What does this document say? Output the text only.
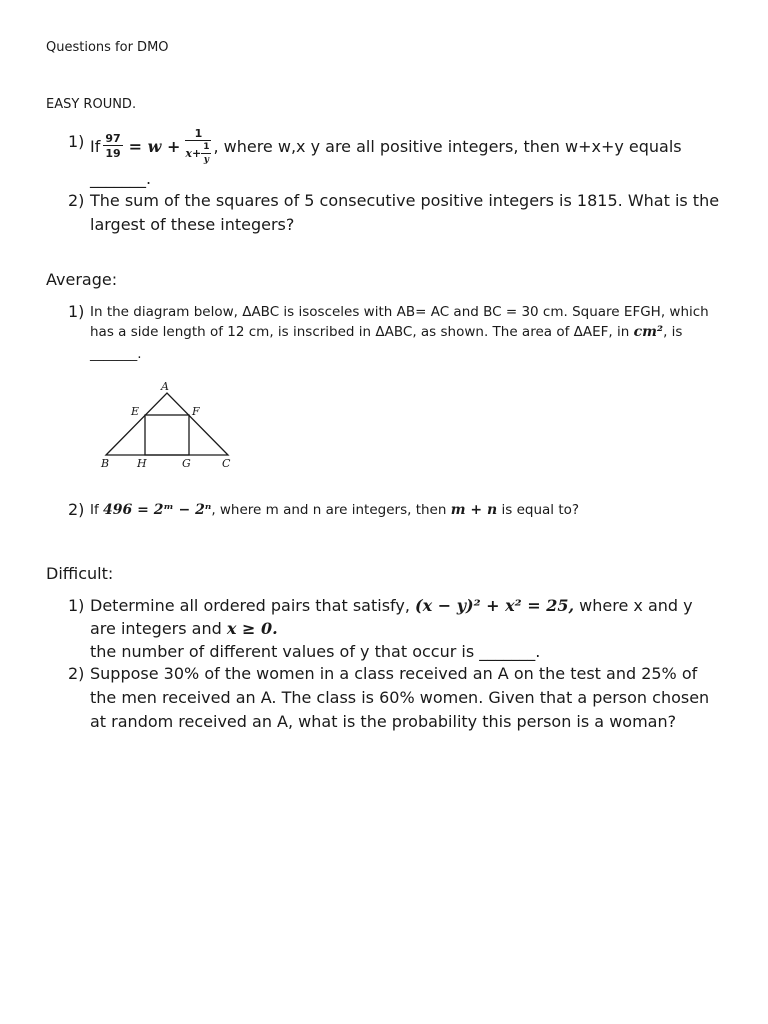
Questions for DMO
EASY ROUND.
1) If $\frac{97}{19} = w + \frac{1}{x+ \frac{1}{y}}$ , where w,x y are all positive integers, then w+x+y equals
_______.
2) The sum of the squares of 5 consecutive positive integers is 1815. What is the
largest of these integers?
Average:
1) In the diagram below, ΔABC is isosceles with AB= AC and BC = 30 cm. Square EFGH, which
has a side length of 12 cm, is inscribed in ΔABC, as shown. The area of ΔAEF, in cm², is
_______.
A
E	F
B	H	G	C
2) If 496 = 2ᵐ − 2ⁿ, where m and n are integers, then m + n is equal to?
Difficult:
1) Determine all ordered pairs that satisfy, (x − y)² + x² = 25, where x and y
are integers and x ≥ 0.
the number of different values of y that occur is _______.
2) Suppose 30% of the women in a class received an A on the test and 25% of
the men received an A. The class is 60% women. Given that a person chosen
at random received an A, what is the probability this person is a woman?
